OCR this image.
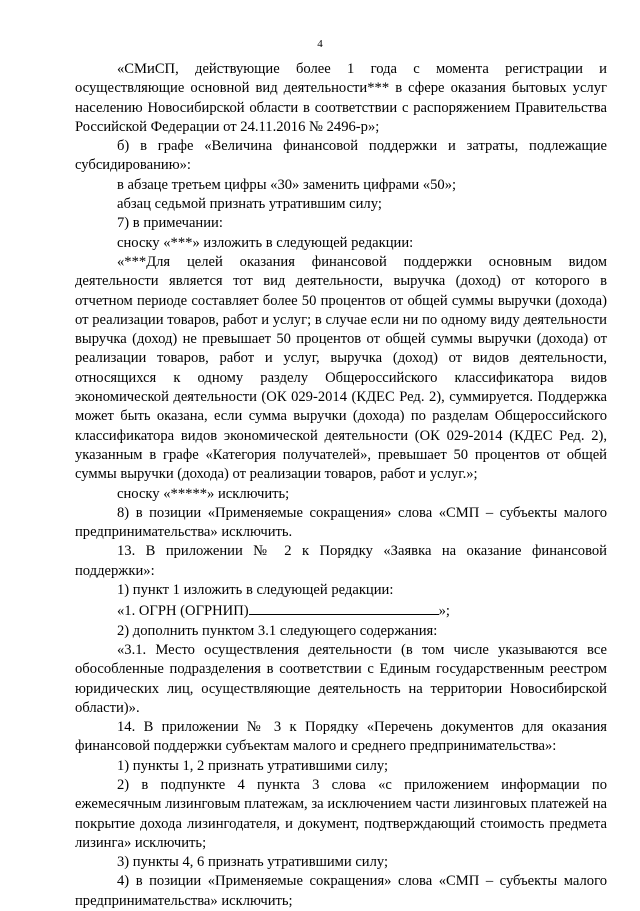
4

«СМиСП, действующие более 1 года с момента регистрации и осуществляющие основной вид деятельности*** в сфере оказания бытовых услуг населению Новосибирской области в соответствии с распоряжением Правительства Российской Федерации от 24.11.2016 № 2496-р»;

б) в графе «Величина финансовой поддержки и затраты, подлежащие субсидированию»:

в абзаце третьем цифры «30» заменить цифрами «50»;

абзац седьмой признать утратившим силу;

7) в примечании:

сноску «***» изложить в следующей редакции:

«***Для целей оказания финансовой поддержки основным видом деятельности является тот вид деятельности, выручка (доход) от которого в отчетном периоде составляет более 50 процентов от общей суммы выручки (дохода) от реализации товаров, работ и услуг; в случае если ни по одному виду деятельности выручка (доход) не превышает 50 процентов от общей суммы выручки (дохода) от реализации товаров, работ и услуг, выручка (доход) от видов деятельности, относящихся к одному разделу Общероссийского классификатора видов экономической деятельности (ОК 029-2014 (КДЕС Ред. 2), суммируется. Поддержка может быть оказана, если сумма выручки (дохода) по разделам Общероссийского классификатора видов экономической деятельности (ОК 029-2014 (КДЕС Ред. 2), указанным в графе «Категория получателей», превышает 50 процентов от общей суммы выручки (дохода) от реализации товаров, работ и услуг.»;

сноску «*****» исключить;

8) в позиции «Применяемые сокращения» слова «СМП – субъекты малого предпринимательства» исключить.

13. В приложении № 2 к Порядку «Заявка на оказание финансовой поддержки»:

1) пункт 1 изложить в следующей редакции:

«1. ОГРН (ОГРНИП)	»;

2) дополнить пунктом 3.1 следующего содержания:

«3.1. Место осуществления деятельности (в том числе указываются все обособленные подразделения в соответствии с Единым государственным реестром юридических лиц, осуществляющие деятельность на территории Новосибирской области)».

14. В приложении № 3 к Порядку «Перечень документов для оказания финансовой поддержки субъектам малого и среднего предпринимательства»:

1) пункты 1, 2 признать утратившими силу;

2) в подпункте 4 пункта 3 слова «с приложением информации по ежемесячным лизинговым платежам, за исключением части лизинговых платежей на покрытие дохода лизингодателя, и документ, подтверждающий стоимость предмета лизинга» исключить;

3) пункты 4, 6 признать утратившими силу;

4) в позиции «Применяемые сокращения» слова «СМП – субъекты малого предпринимательства» исключить;
